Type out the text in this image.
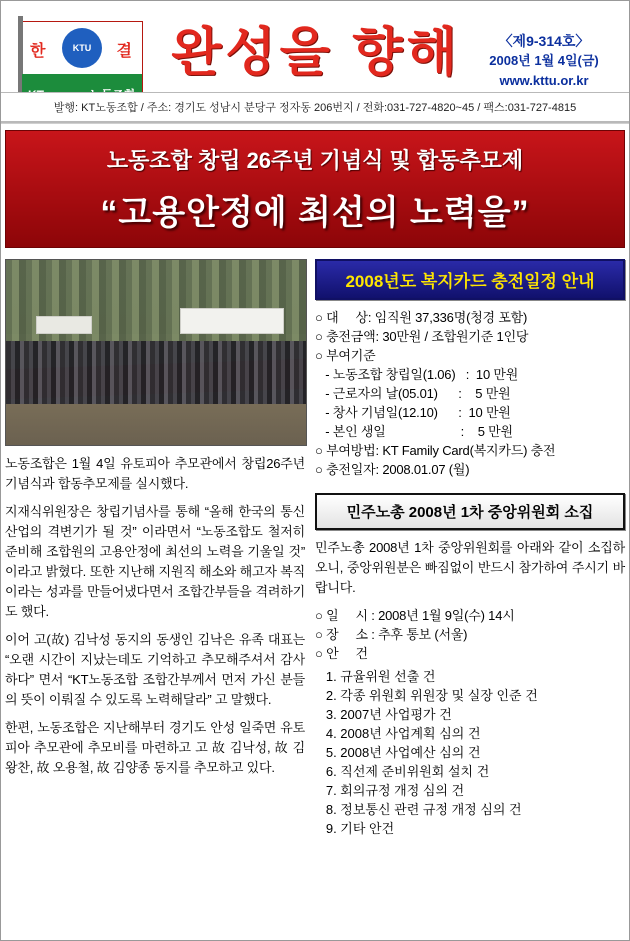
한	KTU	결 완성을 향해	〈제9-314호〉
2008년 1월 4일(금)
www.kttu.or.kr
발행: KT노동조합 / 주소: 경기도 성남시 분당구 정자동 206번지 / 전화:031-727-4820~45 / 팩스:031-727-4815
노동조합 창립 26주년 기념식 및 합동추모제
“고용안정에 최선의 노력을”
노동조합은 1월 4일 유토피아 추모관에서 창립26주년 기념식과 합동추모제를 실시했다.
지재식위원장은 창립기념사를 통해 “올해 한국의 통신산업의 격변기가 될 것” 이라면서 “노동조합도 철저히 준비해 조합원의 고용안정에 최선의 노력을 기울일 것” 이라고 밝혔다. 또한 지난해 지원직 해소와 해고자 복직이라는 성과를 만들어냈다면서 조합간부들을 격려하기도 했다.
이어 고(故) 김낙성 동지의 동생인 김낙은 유족 대표는 “오랜 시간이 지났는데도 기억하고 추모해주셔서 감사하다” 면서 “KT노동조합 조합간부께서 먼저 가신 분들의 뜻이 이뤄질 수 있도록 노력해달라” 고 말했다.
한편, 노동조합은 지난해부터 경기도 안성 일죽면 유토피아 추모관에 추모비를 마련하고 고 故 김낙성, 故 김왕찬, 故 오용철, 故 김양종 동지를 추모하고 있다.
2008년도 복지카드 충전일정 안내
○ 대     상: 임직원 37,336명(청경 포함)
○ 충전금액: 30만원 / 조합원기준 1인당
○ 부여기준
- 노동조합 창립일(1.06)   :  10 만원
- 근로자의 날(05.01)      :    5 만원
- 창사 기념일(12.10)      :  10 만원
- 본인 생일                      :    5 만원
○ 부여방법: KT Family Card(복지카드) 충전
○ 충전일자: 2008.01.07 (월)
민주노총 2008년 1차 중앙위원회 소집
민주노총 2008년 1차 중앙위원회를 아래와 같이 소집하오니, 중앙위원분은 빠짐없이 반드시 참가하여 주시기 바랍니다.
○ 일     시 : 2008년 1월 9일(수) 14시
○ 장     소 : 추후 통보 (서울)
○ 안     건
1. 규율위원 선출 건
2. 각종 위원회 위원장 및 실장 인준 건
3. 2007년 사업평가 건
4. 2008년 사업계획 심의 건
5. 2008년 사업예산 심의 건
6. 직선제 준비위원회 설치 건
7. 회의규정 개정 심의 건
8. 정보통신 관련 규정 개정 심의 건
9. 기타 안건
